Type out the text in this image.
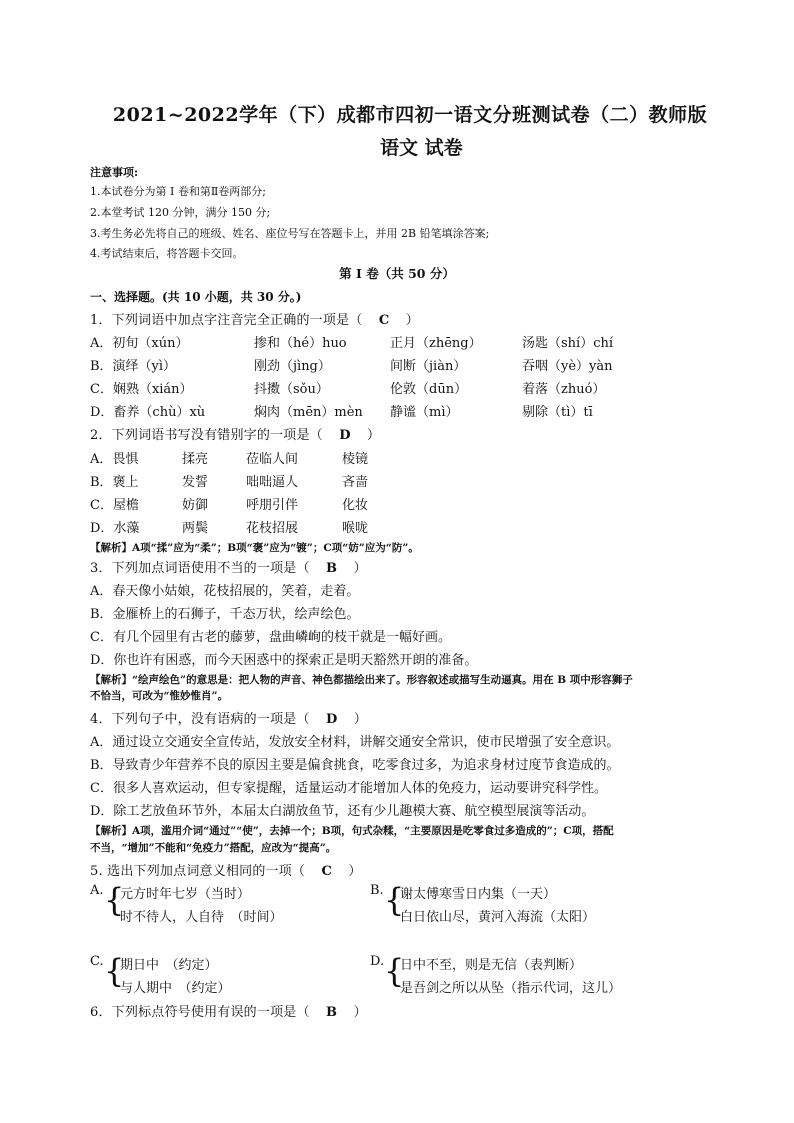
2021~2022学年（下）成都市四初一语文分班测试卷（二）教师版
语文 试卷
注意事项:
1.本试卷分为第 I 卷和第Ⅱ卷两部分;
2.本堂考试 120 分钟，满分 150 分;
3.考生务必先将自己的班级、姓名、座位号写在答题卡上，并用 2B 铅笔填涂答案;
4.考试结束后，将答题卡交回。
第 I 卷（共 50 分）
一、选择题。(共 10 小题，共 30 分。)
1．下列词语中加点字注音完全正确的一项是（ C ）
A．初旬（xún）	掺和（hé）huo	正月（zhēng）	汤匙（shí）chí
B．演绎（yì）	刚劲（jìng）	间断（jiàn）	吞咽（yè）yàn
C．娴熟（xián）	抖擞（sǒu）	伦敦（dūn）	着落（zhuó）
D．畜养（chù）xù	焖肉（mēn）mèn 静谧（mì）	剔除（tì）tī
2．下列词语书写没有错别字的一项是（ D ）
A．畏惧	揉亮	莅临人间	棱镜
B．褒上	发誓	咄咄逼人	吝啬
C．屋檐	妨御	呼朋引伴	化妆
D．水藻	两鬓	花枝招展	喉咙
【解析】A项“揉”应为“柔”；B项“褒”应为“镀”；C项“妨”应为“防”。
3．下列加点词语使用不当的一项是（ B ）
A．春天像小姑娘，花枝招展的，笑着，走着。
B．金雁桥上的石狮子，千态万状，绘声绘色。
C．有几个园里有古老的藤萝，盘曲嶙峋的枝干就是一幅好画。
D．你也许有困惑，而今天困惑中的探索正是明天豁然开朗的准备。
【解析】“绘声绘色”的意思是：把人物的声音、神色都描绘出来了。形容叙述或描写生动逼真。用在 B 项中形容狮子
不恰当，可改为“惟妙惟肖”。
4．下列句子中，没有语病的一项是（ D ）
A．通过设立交通安全宣传站，发放安全材料，讲解交通安全常识，使市民增强了安全意识。
B．导致青少年营养不良的原因主要是偏食挑食，吃零食过多，为追求身材过度节食造成的。
C．很多人喜欢运动，但专家提醒，适量运动才能增加人体的免疫力，运动要讲究科学性。
D．除工艺放鱼环节外，本届太白湖放鱼节，还有少儿趣模大赛、航空模型展演等活动。
【解析】A项，滥用介词“通过”“使”，去掉一个；B项，句式杂糅，“主要原因是吃零食过多造成的”；C项，搭配
不当，“增加”不能和“免疫力”搭配，应改为“提高”。
5. 选出下列加点词意义相同的一项（ C ）
A. {
元方时年七岁（当时）
时不待人，人自待　（时间）
B. {
谢太傅寒雪日内集（一天）
白日依山尽，黄河入海流（太阳）
C. {
期日中　（约定）
与人期中　（约定）
D. {
日中不至，则是无信（表判断）
是吾剑之所以从坠（指示代词，这儿）
6．下列标点符号使用有误的一项是（ B ）
